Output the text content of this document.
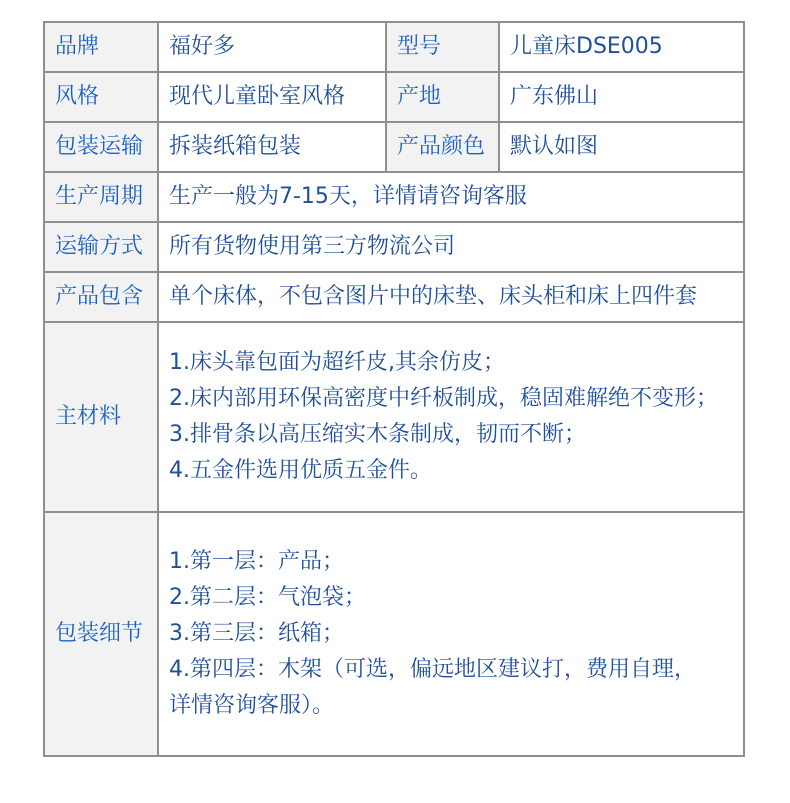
品牌	福好多	型号	儿童床DSE005
风格	现代儿童卧室风格	产地	广东佛山
包装运输	拆装纸箱包装	产品颜色	默认如图
生产周期	生产一般为7-15天，详情请咨询客服		
运输方式	所有货物使用第三方物流公司		
产品包含	单个床体，不包含图片中的床垫、床头柜和床上四件套		
主材料	1.床头靠包面为超纤皮,其余仿皮；
2.床内部用环保高密度中纤板制成，稳固难解绝不变形；
3.排骨条以高压缩实木条制成，韧而不断；
4.五金件选用优质五金件。		

包装细节	1.第一层：产品；
2.第二层：气泡袋；
3.第三层：纸箱；
4.第四层：木架（可选，偏远地区建议打，费用自理，
详情咨询客服）。		
